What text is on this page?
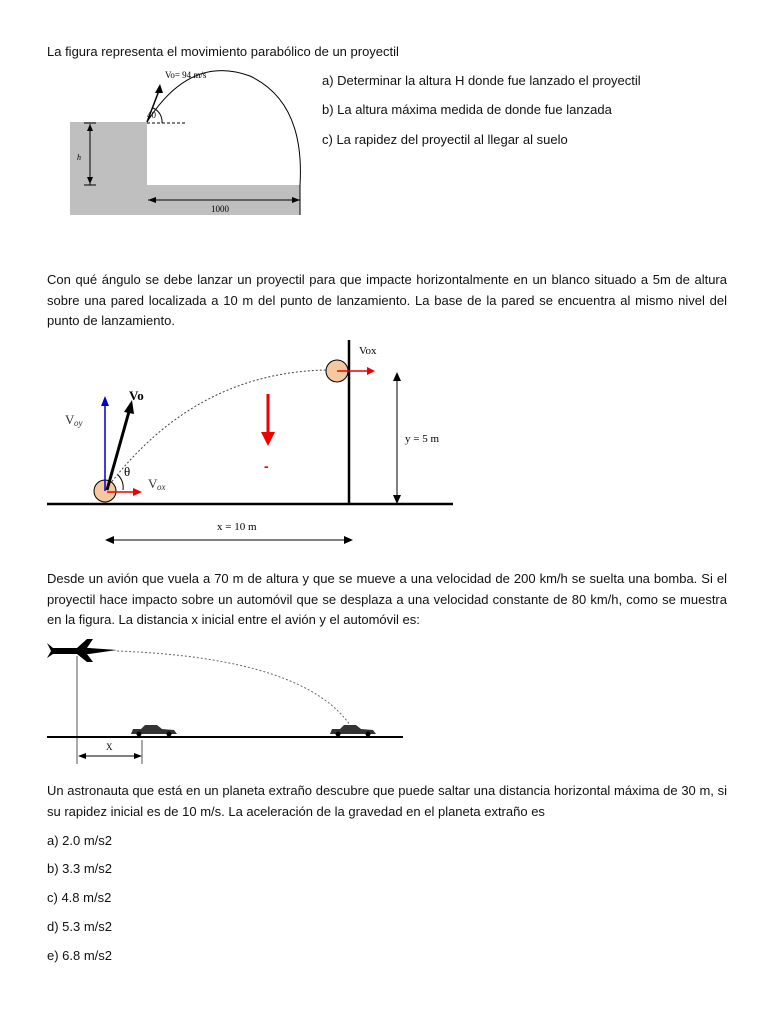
La figura representa el movimiento parabólico de un proyectil
Vo= 94 m/s
40
h
1000
a) Determinar la altura H donde fue lanzado el proyectil
b) La altura máxima medida de donde fue lanzada
c) La rapidez del proyectil al llegar al suelo
Con qué ángulo se debe lanzar un proyectil para que impacte horizontalmente en un blanco situado a 5m de altura sobre una pared localizada a 10 m del punto de lanzamiento. La base de la pared se encuentra al mismo nivel del punto de lanzamiento.
Vox
y = 5 m
-
Vo
V oy
θ
V ox
x = 10 m
Desde un avión que vuela a 70 m de altura y que se mueve a una velocidad de 200 km/h se suelta una bomba. Si el proyectil hace impacto sobre un automóvil que se desplaza a una velocidad constante de 80 km/h, como se muestra en la figura. La distancia x inicial entre el avión y el automóvil es:
X
Un astronauta que está en un planeta extraño descubre que puede saltar una distancia horizontal máxima de 30 m, si su rapidez inicial es de 10 m/s. La aceleración de la gravedad en el planeta extraño es
a) 2.0 m/s2
b) 3.3 m/s2
c) 4.8 m/s2
d) 5.3 m/s2
e) 6.8 m/s2
